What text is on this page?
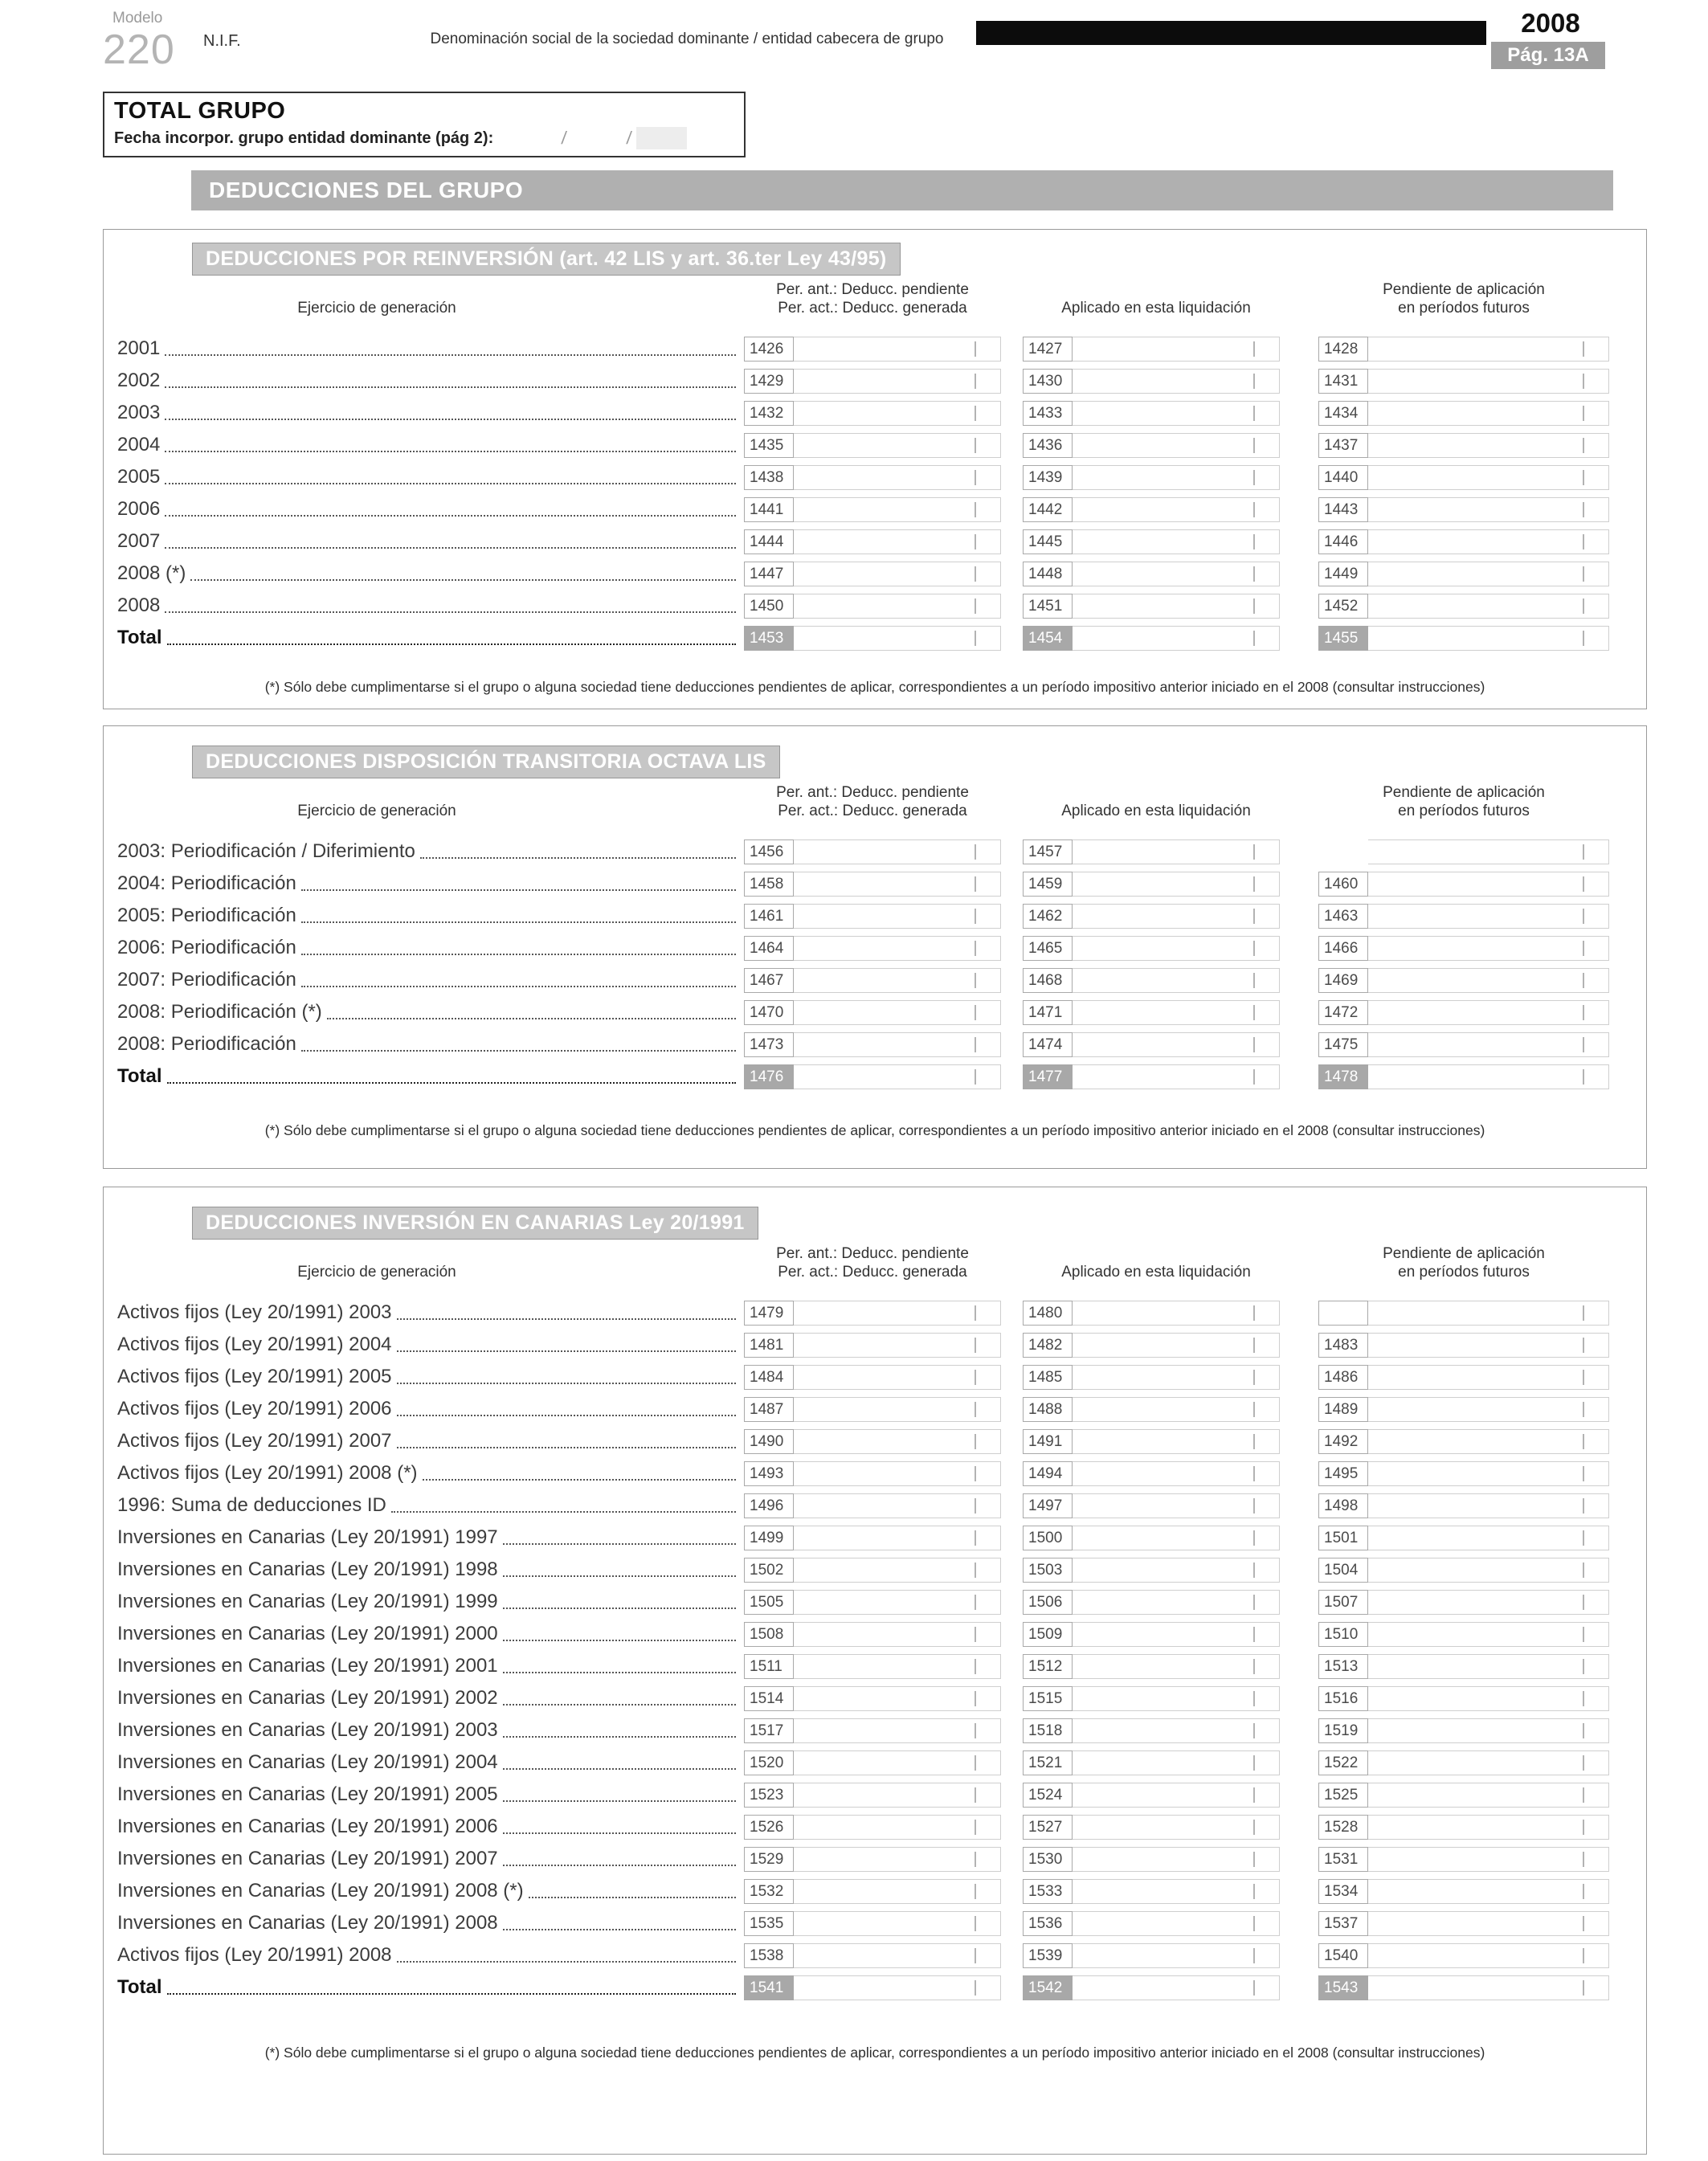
Modelo
220 N.I.F.	Denominación social de la sociedad dominante / entidad cabecera de grupo
2008
Pág. 13A
TOTAL GRUPO
Fecha incorpor. grupo entidad dominante (pág 2):	/	/
DEDUCCIONES DEL GRUPO
DEDUCCIONES POR REINVERSIÓN (art. 42 LIS y art. 36.ter Ley 43/95)
Ejercicio de generación
Per. ant.: Deducc. pendiente
Per. act.: Deducc. generada	Aplicado en esta liquidación
Pendiente de aplicación
en períodos futuros
2001	1426	1427	1428
2002	1429	1430	1431
2003	1432	1433	1434
2004	1435	1436	1437
2005	1438	1439	1440
2006	1441	1442	1443
2007	1444	1445	1446
2008 (*)	1447	1448	1449
2008	1450	1451	1452
Total	1453	1454	1455
(*) Sólo debe cumplimentarse si el grupo o alguna sociedad tiene deducciones pendientes de aplicar, correspondientes a un período impositivo anterior iniciado en el 2008 (consultar instrucciones)
DEDUCCIONES DISPOSICIÓN TRANSITORIA OCTAVA LIS
Ejercicio de generación
Per. ant.: Deducc. pendiente
Per. act.: Deducc. generada	Aplicado en esta liquidación
Pendiente de aplicación
en períodos futuros
2003: Periodificación / Diferimiento	1456	1457
2004: Periodificación	1458	1459	1460
2005: Periodificación	1461	1462	1463
2006: Periodificación	1464	1465	1466
2007: Periodificación	1467	1468	1469
2008: Periodificación (*)	1470	1471	1472
2008: Periodificación	1473	1474	1475
Total	1476	1477	1478
(*) Sólo debe cumplimentarse si el grupo o alguna sociedad tiene deducciones pendientes de aplicar, correspondientes a un período impositivo anterior iniciado en el 2008 (consultar instrucciones)
DEDUCCIONES INVERSIÓN EN CANARIAS Ley 20/1991
Ejercicio de generación
Per. ant.: Deducc. pendiente
Per. act.: Deducc. generada	Aplicado en esta liquidación
Pendiente de aplicación
en períodos futuros
Activos fijos (Ley 20/1991) 2003	1479	1480
Activos fijos (Ley 20/1991) 2004	1481	1482	1483
Activos fijos (Ley 20/1991) 2005	1484	1485	1486
Activos fijos (Ley 20/1991) 2006	1487	1488	1489
Activos fijos (Ley 20/1991) 2007	1490	1491	1492
Activos fijos (Ley 20/1991) 2008 (*)	1493	1494	1495
1996: Suma de deducciones ID	1496	1497	1498
Inversiones en Canarias (Ley 20/1991) 1997	1499	1500	1501
Inversiones en Canarias (Ley 20/1991) 1998	1502	1503	1504
Inversiones en Canarias (Ley 20/1991) 1999	1505	1506	1507
Inversiones en Canarias (Ley 20/1991) 2000	1508	1509	1510
Inversiones en Canarias (Ley 20/1991) 2001	1511	1512	1513
Inversiones en Canarias (Ley 20/1991) 2002	1514	1515	1516
Inversiones en Canarias (Ley 20/1991) 2003	1517	1518	1519
Inversiones en Canarias (Ley 20/1991) 2004	1520	1521	1522
Inversiones en Canarias (Ley 20/1991) 2005	1523	1524	1525
Inversiones en Canarias (Ley 20/1991) 2006	1526	1527	1528
Inversiones en Canarias (Ley 20/1991) 2007	1529	1530	1531
Inversiones en Canarias (Ley 20/1991) 2008 (*)	1532	1533	1534
Inversiones en Canarias (Ley 20/1991) 2008	1535	1536	1537
Activos fijos (Ley 20/1991) 2008	1538	1539	1540
Total	1541	1542	1543
(*) Sólo debe cumplimentarse si el grupo o alguna sociedad tiene deducciones pendientes de aplicar, correspondientes a un período impositivo anterior iniciado en el 2008 (consultar instrucciones)
